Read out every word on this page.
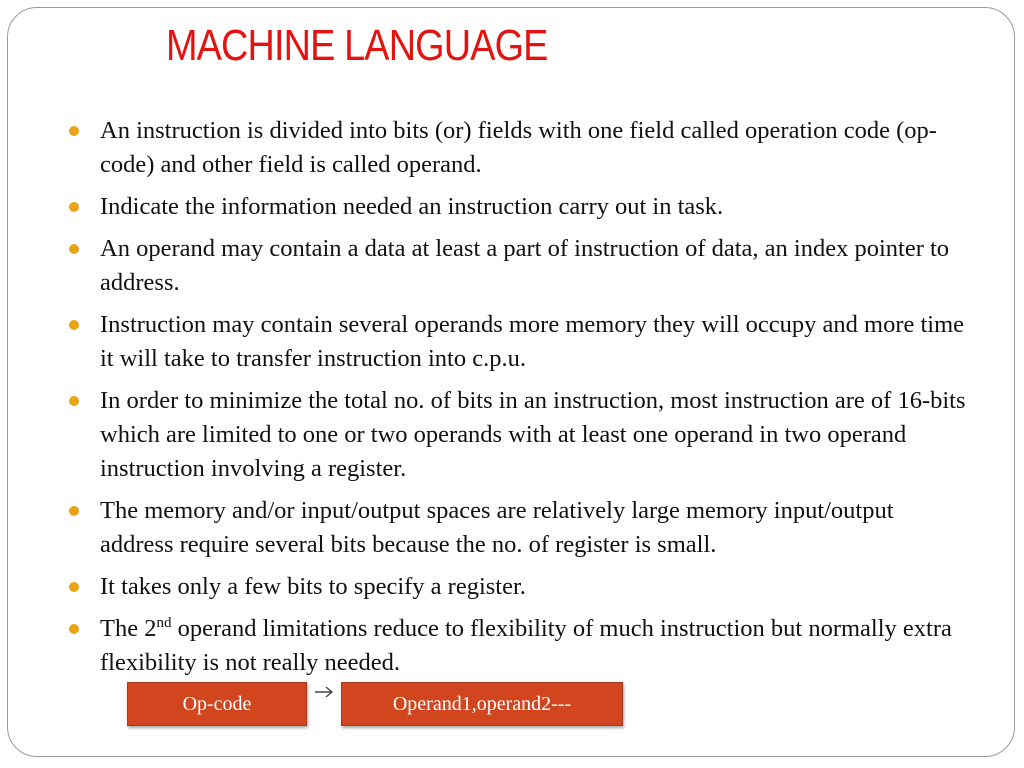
MACHINE LANGUAGE
An instruction is divided into bits (or) fields with one field called operation code (op-code) and other field is called operand.
Indicate the information needed an instruction carry out in task.
An operand may contain a data at least a part of instruction of data, an index pointer to address.
Instruction may contain several operands more memory they will occupy and more time it will take to transfer instruction into c.p.u.
In order to minimize the total no. of bits in an instruction, most instruction are of 16-bits which are limited to one or two operands with at least one operand in two operand instruction involving a register.
The memory and/or input/output spaces are relatively large memory input/output address require several bits because the no. of register is small.
It takes only a few bits to specify a register.
The 2nd operand limitations reduce to flexibility of much instruction but normally extra flexibility is not really needed.
Op-code	Operand1,operand2---
